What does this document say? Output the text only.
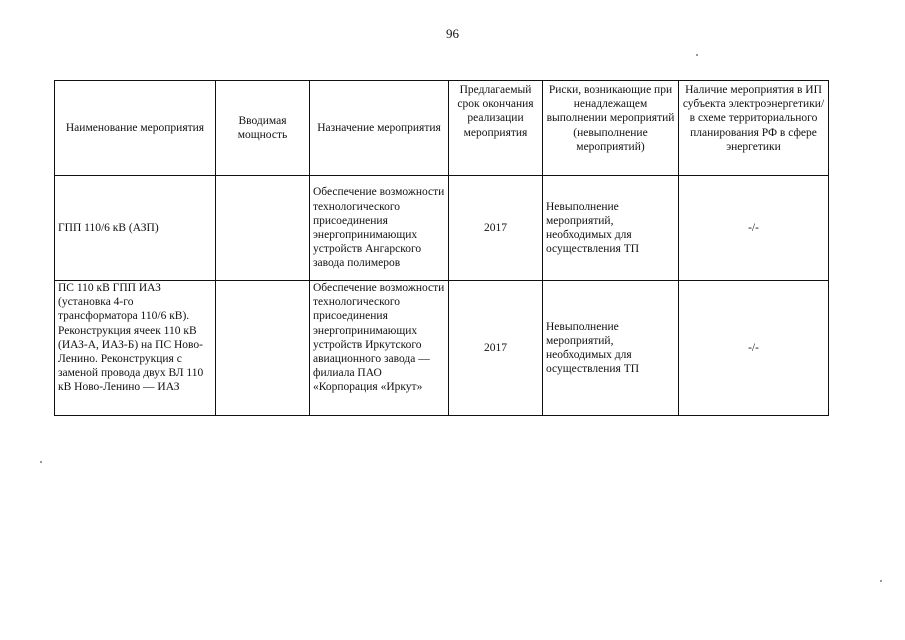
96
Наименование мероприятия	Вводимая мощность	Назначение мероприятия	Предлагаемый срок окончания реализации мероприятия	Риски, возникающие при ненадлежащем выполнении мероприятий (невыполнение мероприятий)	Наличие мероприятия в ИП субъекта электроэнергетики/в схеме территориального планирования РФ в сфере энергетики
ГПП 110/6 кВ (АЗП)		Обеспечение возможности технологического присоединения энергопринимающих устройств Ангарского завода полимеров	2017	Невыполнение мероприятий, необходимых для осуществления ТП	-/-
ПС 110 кВ ГПП ИАЗ (установка 4-го трансформатора 110/6 кВ). Реконструкция ячеек 110 кВ (ИАЗ-А, ИАЗ-Б) на ПС Ново-Ленино. Реконструкция с заменой провода двух ВЛ 110 кВ Ново-Ленино — ИАЗ		Обеспечение возможности технологического присоединения энергопринимающих устройств Иркутского авиационного завода — филиала ПАО «Корпорация «Иркут»	2017	Невыполнение мероприятий, необходимых для осуществления ТП	-/-
